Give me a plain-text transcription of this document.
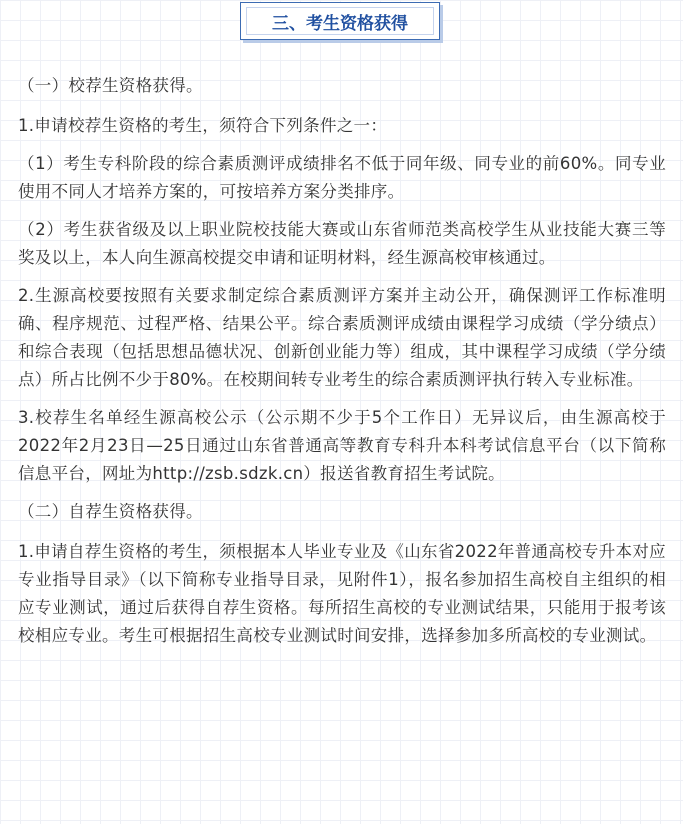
三、考生资格获得

（一）校荐生资格获得。

1.申请校荐生资格的考生，须符合下列条件之一：

（1）考生专科阶段的综合素质测评成绩排名不低于同年级、同专业的前60%。同专业使用不同人才培养方案的，可按培养方案分类排序。

（2）考生获省级及以上职业院校技能大赛或山东省师范类高校学生从业技能大赛三等奖及以上，本人向生源高校提交申请和证明材料，经生源高校审核通过。

2.生源高校要按照有关要求制定综合素质测评方案并主动公开，确保测评工作标准明确、程序规范、过程严格、结果公平。综合素质测评成绩由课程学习成绩（学分绩点）和综合表现（包括思想品德状况、创新创业能力等）组成，其中课程学习成绩（学分绩点）所占比例不少于80%。在校期间转专业考生的综合素质测评执行转入专业标准。

3.校荐生名单经生源高校公示（公示期不少于5个工作日）无异议后，由生源高校于2022年2月23日—25日通过山东省普通高等教育专科升本科考试信息平台（以下简称信息平台，网址为http://zsb.sdzk.cn）报送省教育招生考试院。

（二）自荐生资格获得。

1.申请自荐生资格的考生，须根据本人毕业专业及《山东省2022年普通高校专升本对应专业指导目录》（以下简称专业指导目录，见附件1），报名参加招生高校自主组织的相应专业测试，通过后获得自荐生资格。每所招生高校的专业测试结果，只能用于报考该校相应专业。考生可根据招生高校专业测试时间安排，选择参加多所高校的专业测试。
